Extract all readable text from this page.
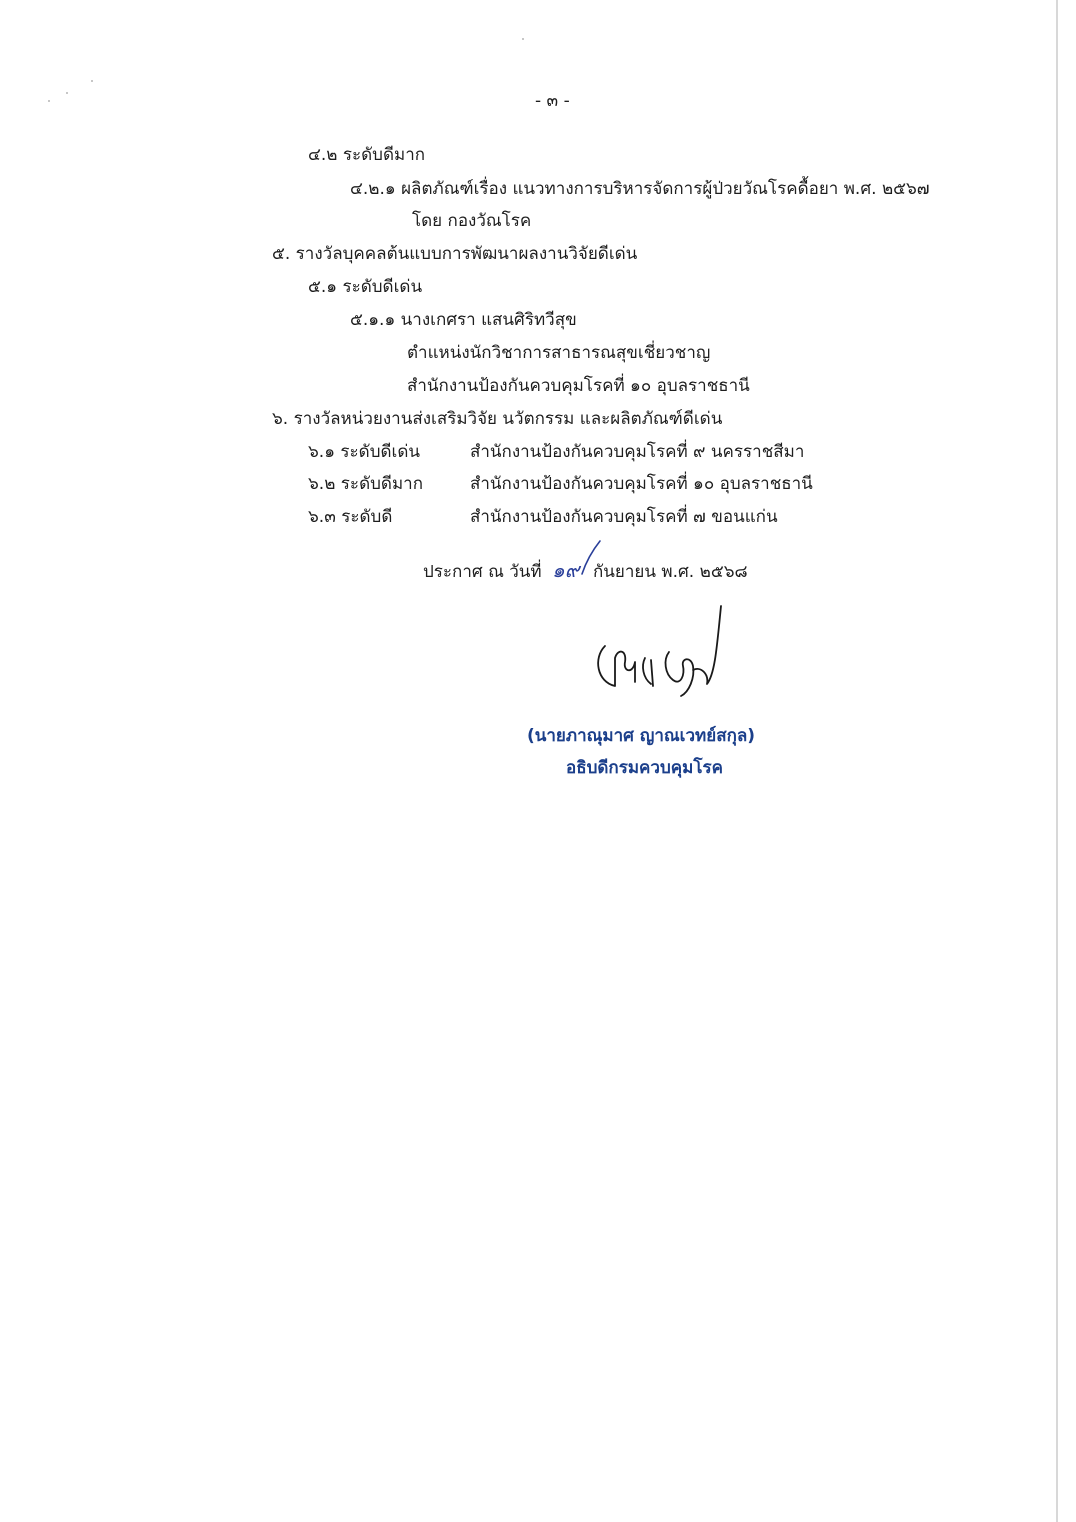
- ๓ -
๔.๒ ระดับดีมาก
๔.๒.๑ ผลิตภัณฑ์เรื่อง แนวทางการบริหารจัดการผู้ป่วยวัณโรคดื้อยา พ.ศ. ๒๕๖๗
โดย กองวัณโรค
๕. รางวัลบุคคลต้นแบบการพัฒนาผลงานวิจัยดีเด่น
๕.๑ ระดับดีเด่น
๕.๑.๑ นางเกศรา แสนศิริทวีสุข
ตำแหน่งนักวิชาการสาธารณสุขเชี่ยวชาญ
สำนักงานป้องกันควบคุมโรคที่ ๑๐ อุบลราชธานี
๖. รางวัลหน่วยงานส่งเสริมวิจัย นวัตกรรม และผลิตภัณฑ์ดีเด่น
๖.๑ ระดับดีเด่น	สำนักงานป้องกันควบคุมโรคที่ ๙ นครราชสีมา
๖.๒ ระดับดีมาก	สำนักงานป้องกันควบคุมโรคที่ ๑๐ อุบลราชธานี
๖.๓ ระดับดี	สำนักงานป้องกันควบคุมโรคที่ ๗ ขอนแก่น
ประกาศ ณ วันที่ ๑๙ กันยายน พ.ศ. ๒๕๖๘
(นายภาณุมาศ ญาณเวทย์สกุล)
อธิบดีกรมควบคุมโรค
